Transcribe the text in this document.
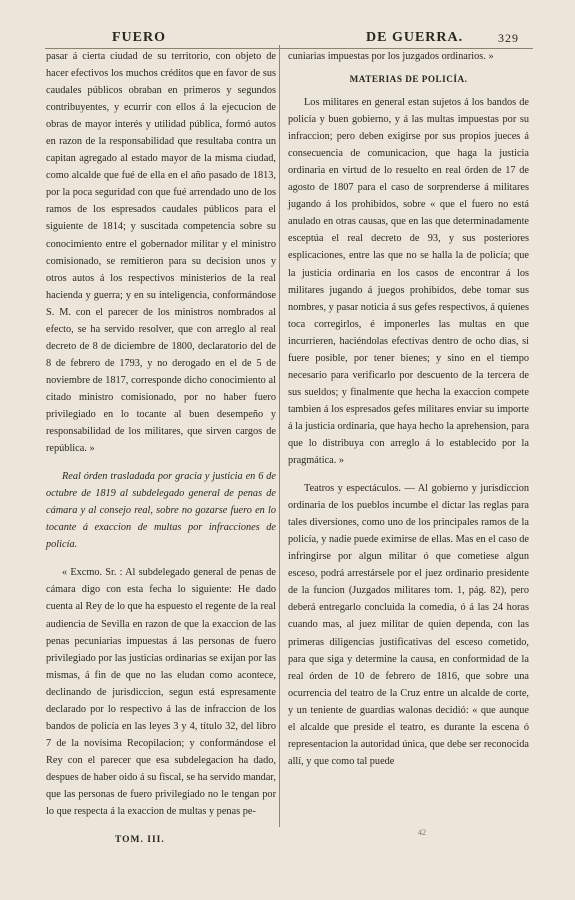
FUERO	DE GUERRA.	329

pasar á cierta ciudad de su territorio, con objeto de hacer efectivos los muchos créditos que en favor de sus caudales públicos obraban en primeros y segundos contribuyentes, y ecurrir con ellos á la ejecucion de obras de mayor interés y utilidad pública, formó autos en razon de la responsabilidad que resultaba contra un capitan agregado al estado mayor de la misma ciudad, como alcalde que fué de ella en el año pasado de 1813, por la poca seguridad con que fué arrendado uno de los ramos de los espresados caudales públicos para el siguiente de 1814; y suscitada competencia sobre su conocimiento entre el gobernador militar y el ministro comisionado, se remitieron para su decision unos y otros autos á los respectivos ministerios de la real hacienda y guerra; y en su inteligencia, conformándose S. M. con el parecer de los ministros nombrados al efecto, se ha servido resolver, que con arreglo al real decreto de 8 de diciembre de 1800, declaratorio del de 8 de febrero de 1793, y no derogado en el de 5 de noviembre de 1817, corresponde dicho conocimiento al citado ministro comisionado, por no haber fuero privilegiado en lo tocante al buen desempeño y responsabilidad de los militares, que sirven cargos de república. »

Real órden trasladada por gracia y justicia en 6 de octubre de 1819 al subdelegado general de penas de cámara y al consejo real, sobre no gozarse fuero en lo tocante á exaccion de multas por infracciones de policía.

« Excmo. Sr. : Al subdelegado general de penas de cámara digo con esta fecha lo siguiente: He dado cuenta al Rey de lo que ha espuesto el regente de la real audiencia de Sevilla en razon de que la exaccion de las penas pecuniarias impuestas á las personas de fuero privilegiado por las justicias ordinarias se exijan por las mismas, á fin de que no las eludan como acontece, declinando de jurisdiccion, segun está espresamente declarado por lo respectivo á las de infraccion de los bandos de policía en las leyes 3 y 4, título 32, del libro 7 de la novísima Recopilacion; y conformándose el Rey con el parecer que esa subdelegacion ha dado, despues de haber oido á su fiscal, se ha servido mandar, que las personas de fuero privilegiado no le tengan por lo que respecta á la exaccion de multas y penas pe-

cuniarias impuestas por los juzgados ordinarios. »

MATERIAS DE POLICÍA.

Los militares en general estan sujetos á los bandos de policía y buen gobierno, y á las multas impuestas por su infraccion; pero deben exigirse por sus propios jueces á consecuencia de comunicacion, que haga la justicia ordinaria en virtud de lo resuelto en real órden de 17 de agosto de 1807 para el caso de sorprenderse á militares jugando á los prohibidos, sobre « que el fuero no está anulado en otras causas, que en las que determinadamente esceptúa el real decreto de 93, y sus posteriores esplicaciones, entre las que no se halla la de policía; que la justicia ordinaria en los casos de encontrar á los militares jugando á juegos prohibidos, debe tomar sus nombres, y pasar noticia á sus gefes respectivos, á quienes toca corregirlos, é imponerles las multas en que incurrieren, haciéndolas efectivas dentro de ocho dias, si fuere posible, por tener bienes; y sino en el tiempo necesario para verificarlo por descuento de la tercera de sus sueldos; y finalmente que hecha la exaccion compete tambien á los espresados gefes militares enviar su importe á la justicia ordinaria, que haya hecho la aprehension, para que lo distribuya con arreglo á lo establecido por la pragmática. »

Teatros y espectáculos. — Al gobierno y jurisdiccion ordinaria de los pueblos incumbe el dictar las reglas para tales diversiones, como uno de los principales ramos de la policía, y nadie puede eximirse de ellas. Mas en el caso de infringirse por algun militar ó que cometiese algun esceso, podrá arrestársele por el juez ordinario presidente de la funcion (Juzgados militares tom. 1, pág. 82), pero deberá entregarlo concluida la comedia, ó á las 24 horas cuando mas, al juez militar de quien dependa, con las primeras diligencias justificativas del esceso cometido, para que siga y determine la causa, en conformidad de la real órden de 10 de febrero de 1816, que sobre una ocurrencia del teatro de la Cruz entre un alcalde de corte, y un teniente de guardias walonas decidió: « que aunque el alcalde que preside el teatro, es durante la escena ó representacion la autoridad única, que debe ser reconocida allí, y que como tal puede

TOM. III.
42
